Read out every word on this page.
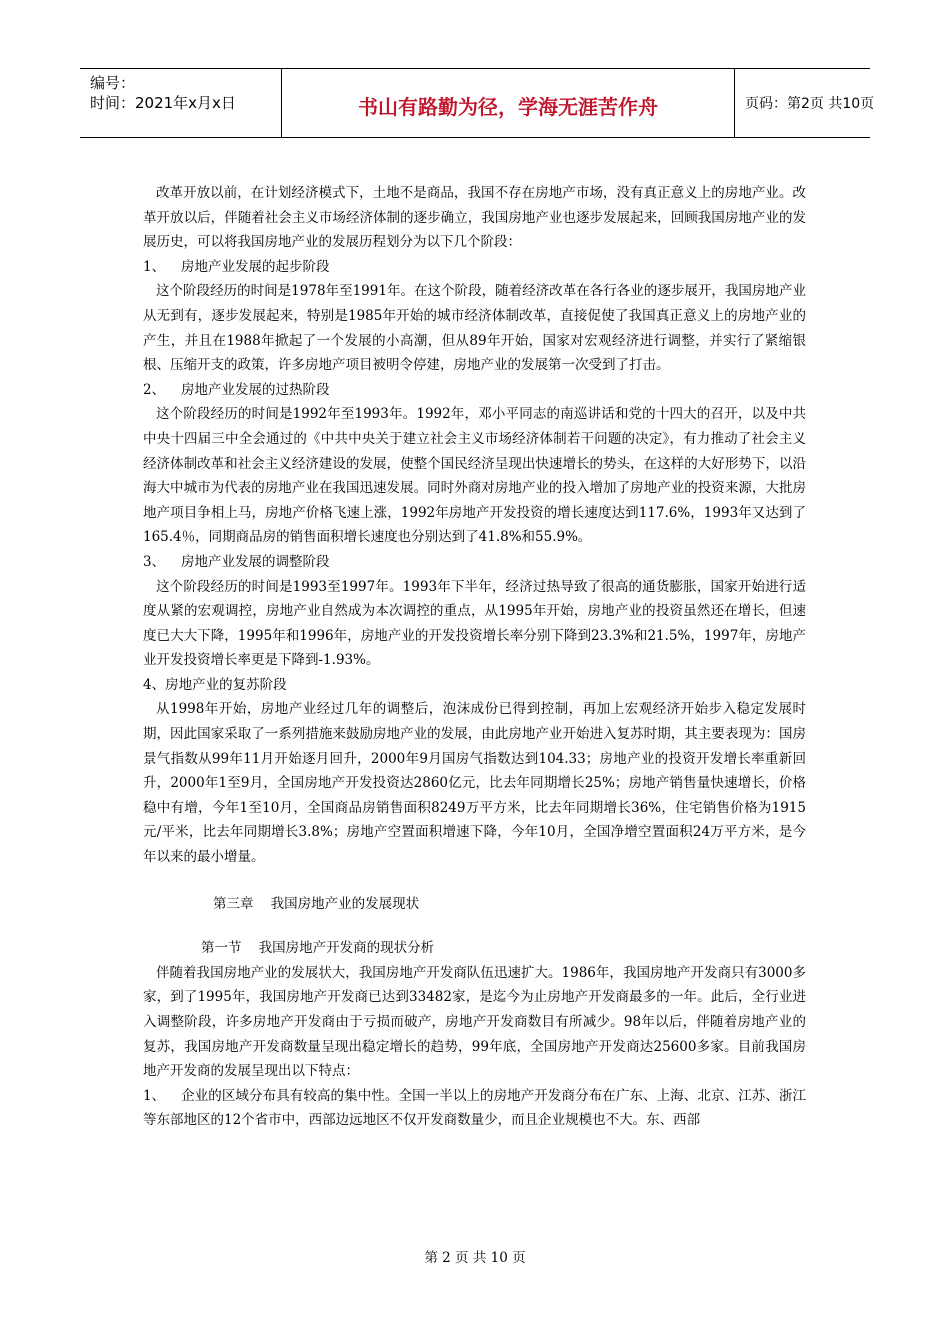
编号：
时间：2021年x月x日	书山有路勤为径，学海无涯苦作舟	页码：第2页 共10页

改革开放以前，在计划经济模式下，土地不是商品，我国不存在房地产市场，没有真正意义上的房地产业。改革开放以后，伴随着社会主义市场经济体制的逐步确立，我国房地产业也逐步发展起来，回顾我国房地产业的发展历史，可以将我国房地产业的发展历程划分为以下几个阶段：

1、 房地产业发展的起步阶段

这个阶段经历的时间是1978年至1991年。在这个阶段，随着经济改革在各行各业的逐步展开，我国房地产业从无到有，逐步发展起来，特别是1985年开始的城市经济体制改革，直接促使了我国真正意义上的房地产业的产生，并且在1988年掀起了一个发展的小高潮，但从89年开始，国家对宏观经济进行调整，并实行了紧缩银根、压缩开支的政策，许多房地产项目被明令停建，房地产业的发展第一次受到了打击。

2、 房地产业发展的过热阶段

这个阶段经历的时间是1992年至1993年。1992年，邓小平同志的南巡讲话和党的十四大的召开，以及中共中央十四届三中全会通过的《中共中央关于建立社会主义市场经济体制若干问题的决定》，有力推动了社会主义经济体制改革和社会主义经济建设的发展，使整个国民经济呈现出快速增长的势头，在这样的大好形势下，以沿海大中城市为代表的房地产业在我国迅速发展。同时外商对房地产业的投入增加了房地产业的投资来源，大批房地产项目争相上马，房地产价格飞速上涨，1992年房地产开发投资的增长速度达到117.6%，1993年又达到了165.4％，同期商品房的销售面积增长速度也分别达到了41.8%和55.9%。

3、 房地产业发展的调整阶段

这个阶段经历的时间是1993至1997年。1993年下半年，经济过热导致了很高的通货膨胀，国家开始进行适度从紧的宏观调控，房地产业自然成为本次调控的重点，从1995年开始，房地产业的投资虽然还在增长，但速度已大大下降，1995年和1996年，房地产业的开发投资增长率分别下降到23.3%和21.5%，1997年，房地产业开发投资增长率更是下降到-1.93%。

4、房地产业的复苏阶段

从1998年开始，房地产业经过几年的调整后，泡沫成份已得到控制，再加上宏观经济开始步入稳定发展时期，因此国家采取了一系列措施来鼓励房地产业的发展，由此房地产业开始进入复苏时期，其主要表现为：国房景气指数从99年11月开始逐月回升，2000年9月国房气指数达到104.33；房地产业的投资开发增长率重新回升，2000年1至9月，全国房地产开发投资达2860亿元，比去年同期增长25%；房地产销售量快速增长，价格稳中有增，今年1至10月，全国商品房销售面积8249万平方米，比去年同期增长36%，住宅销售价格为1915元/平米，比去年同期增长3.8%；房地产空置面积增速下降，今年10月，全国净增空置面积24万平方米，是今年以来的最小增量。

第三章    我国房地产业的发展现状

第一节    我国房地产开发商的现状分析

伴随着我国房地产业的发展状大，我国房地产开发商队伍迅速扩大。1986年，我国房地产开发商只有3000多家，到了1995年，我国房地产开发商已达到33482家，是迄今为止房地产开发商最多的一年。此后，全行业进入调整阶段，许多房地产开发商由于亏损而破产，房地产开发商数目有所减少。98年以后，伴随着房地产业的复苏，我国房地产开发商数量呈现出稳定增长的趋势，99年底，全国房地产开发商达25600多家。目前我国房地产开发商的发展呈现出以下特点：

1、 企业的区域分布具有较高的集中性。全国一半以上的房地产开发商分布在广东、上海、北京、江苏、浙江等东部地区的12个省市中，西部边远地区不仅开发商数量少，而且企业规模也不大。东、西部

第 2 页 共 10 页
